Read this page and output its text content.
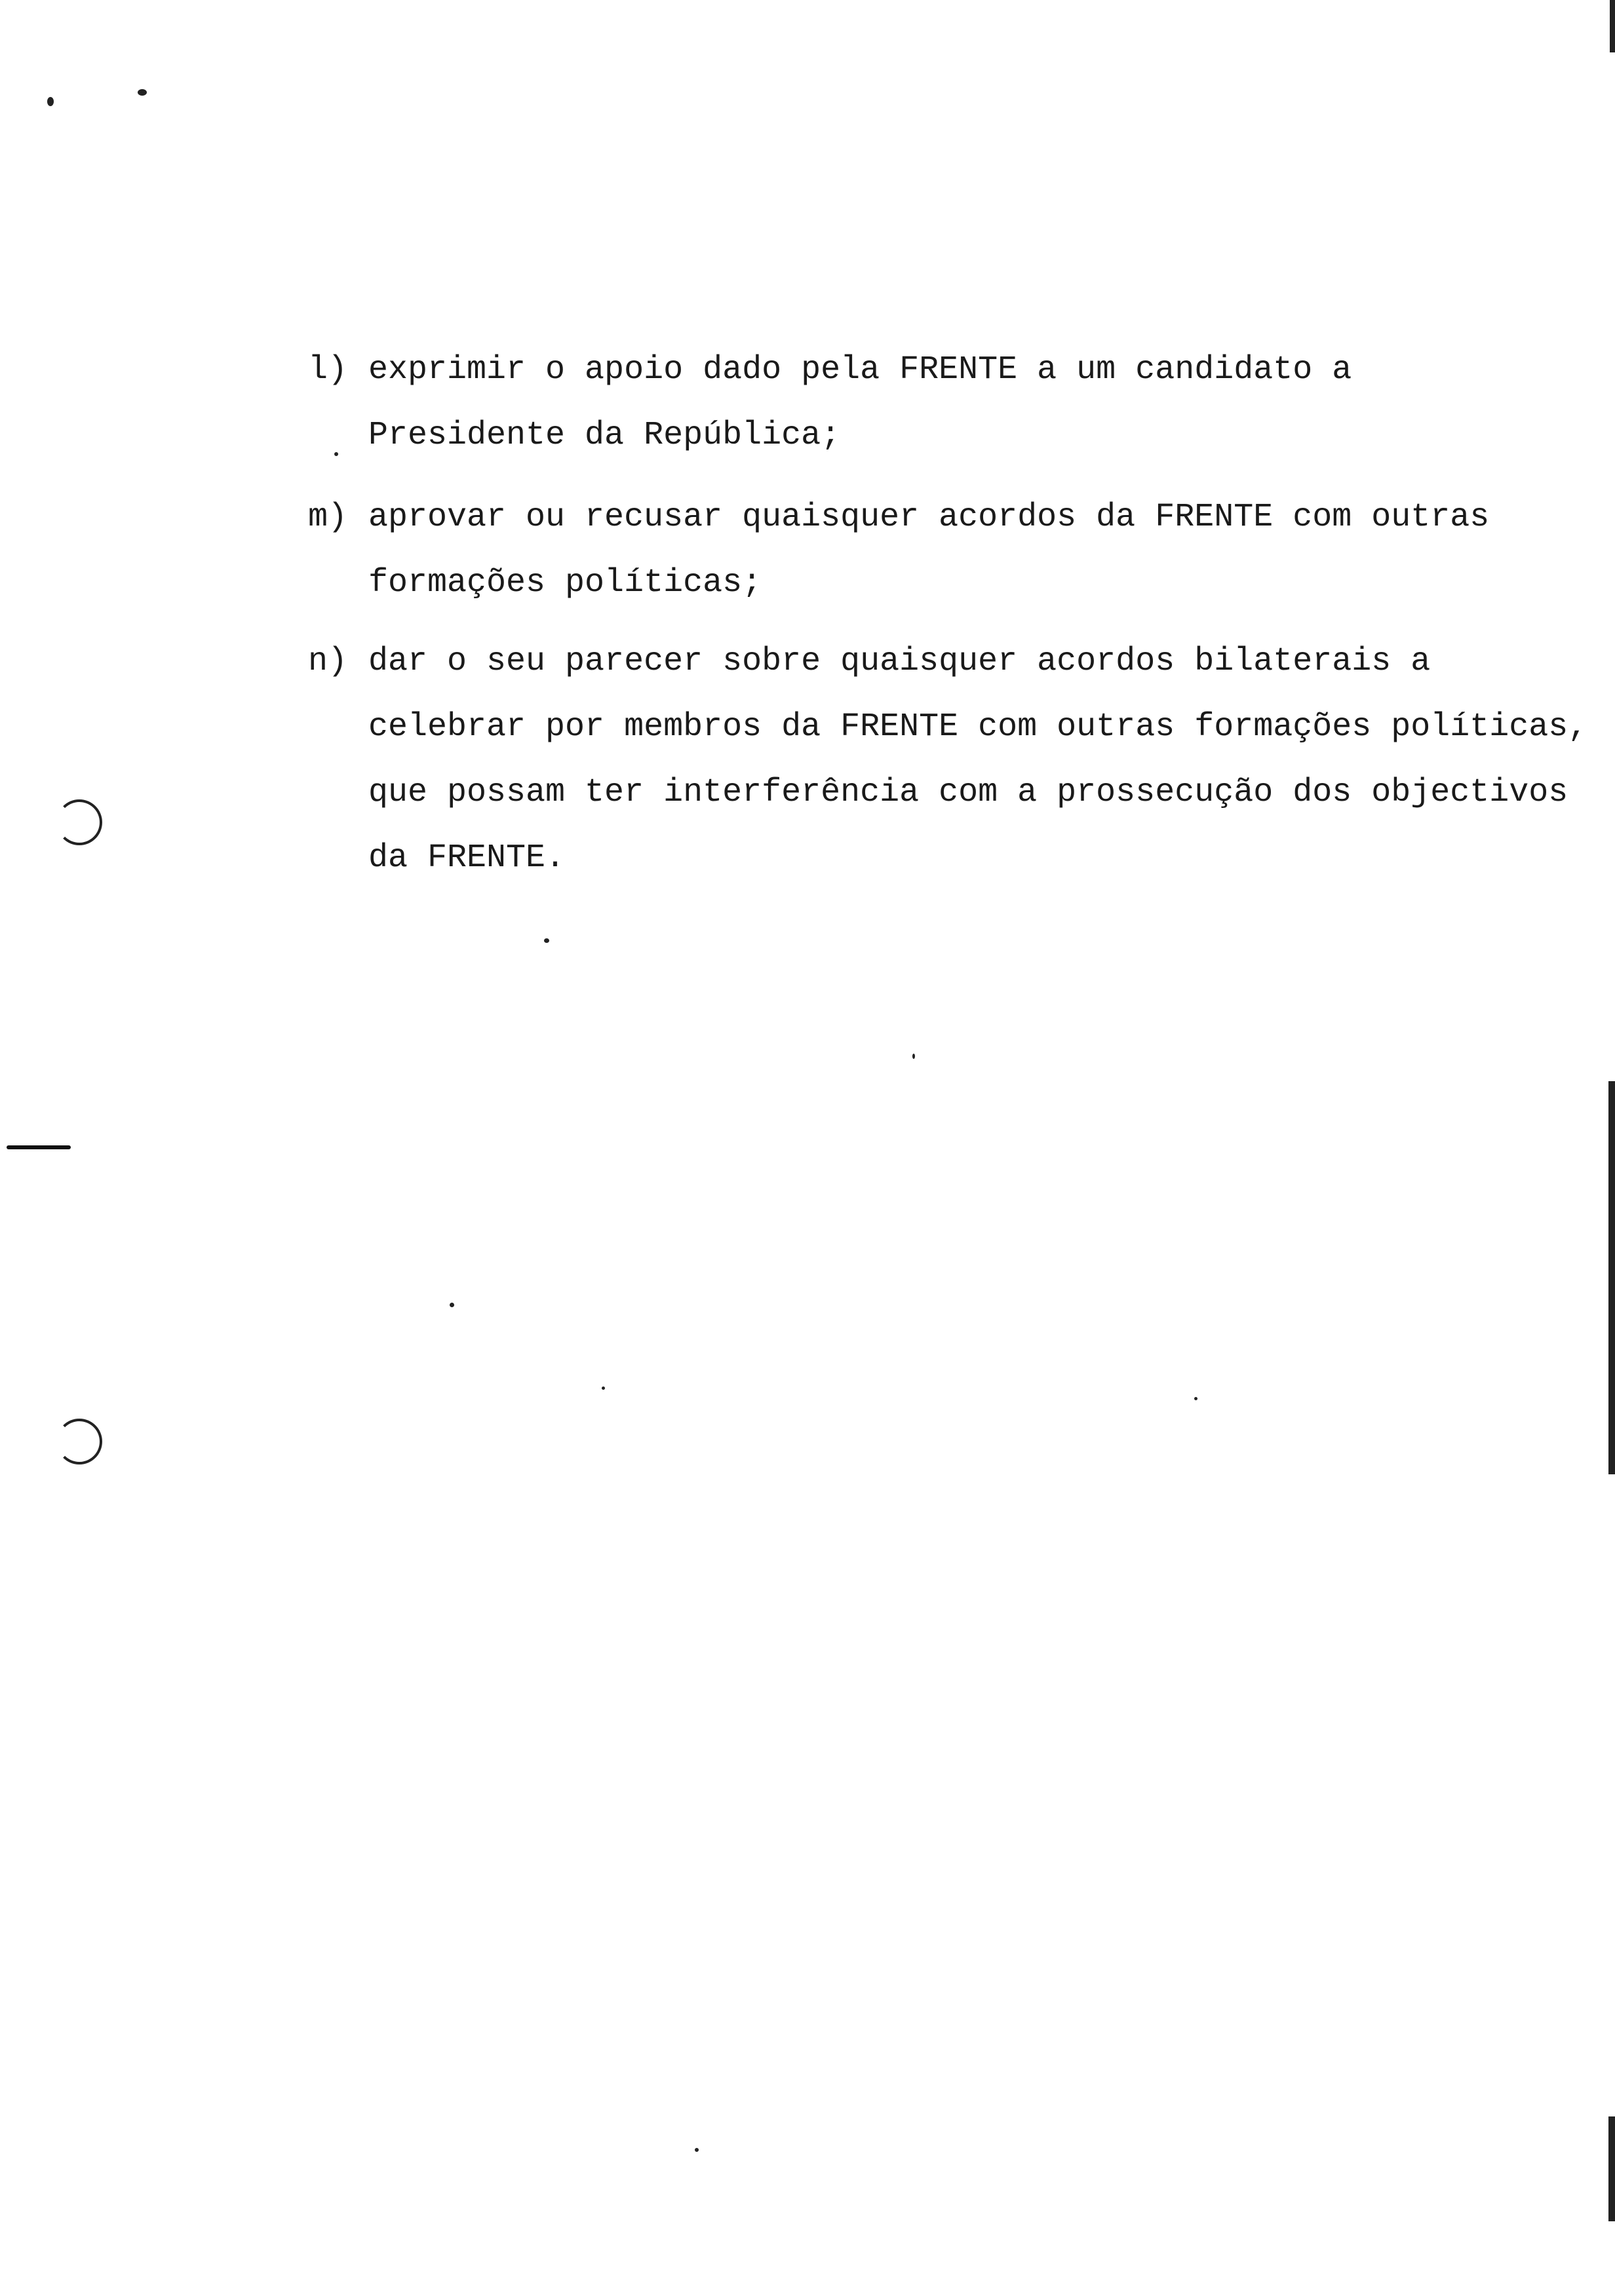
l) exprimir o apoio dado pela FRENTE a um candidato a
Presidente da República;
m) aprovar ou recusar quaisquer acordos da FRENTE com outras
formações políticas;
n) dar o seu parecer sobre quaisquer acordos bilaterais a
celebrar por membros da FRENTE com outras formações políticas,
que possam ter interferência com a prossecução dos objectivos
da FRENTE.
